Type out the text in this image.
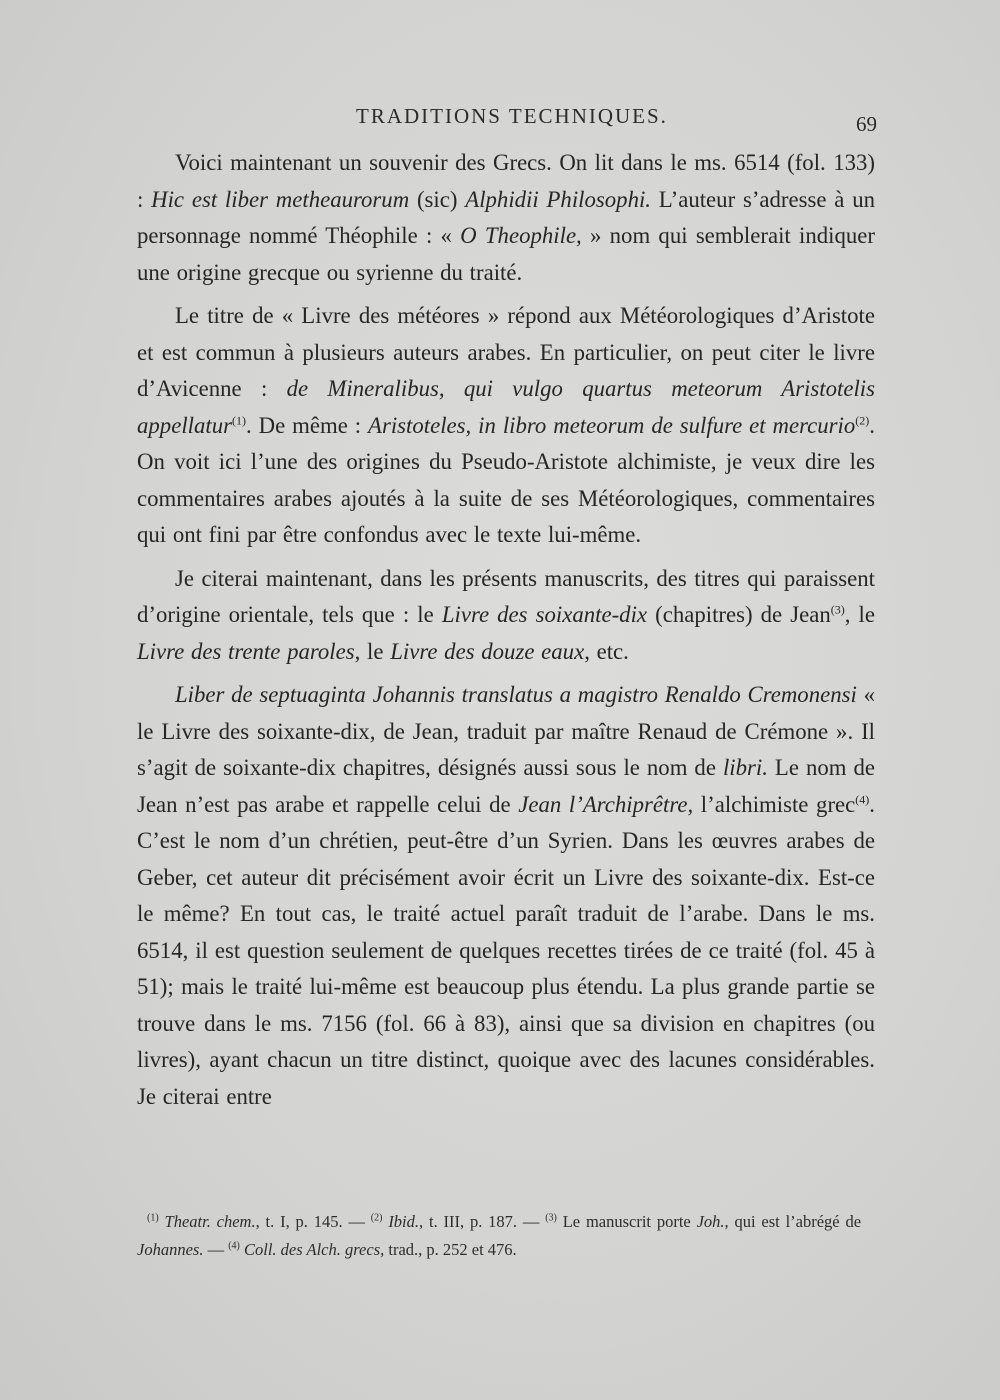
TRADITIONS TECHNIQUES.	69

Voici maintenant un souvenir des Grecs. On lit dans le ms. 6514 (fol. 133) : Hic est liber metheaurorum (sic) Alphidii Philosophi. L’auteur s’adresse à un personnage nommé Théophile : « O Theophile, » nom qui semblerait indiquer une origine grecque ou syrienne du traité.

Le titre de « Livre des météores » répond aux Météorologiques d’Aristote et est commun à plusieurs auteurs arabes. En particulier, on peut citer le livre d’Avicenne : de Mineralibus, qui vulgo quartus meteorum Aristotelis appellatur$^{(1)}$. De même : Aristoteles, in libro meteorum de sulfure et mercurio$^{(2)}$. On voit ici l’une des origines du Pseudo-Aristote alchimiste, je veux dire les commentaires arabes ajoutés à la suite de ses Météorologiques, commentaires qui ont fini par être confondus avec le texte lui-même.

Je citerai maintenant, dans les présents manuscrits, des titres qui paraissent d’origine orientale, tels que : le Livre des soixante-dix (chapitres) de Jean$^{(3)}$, le Livre des trente paroles, le Livre des douze eaux, etc.

Liber de septuaginta Johannis translatus a magistro Renaldo Cremonensi « le Livre des soixante-dix, de Jean, traduit par maître Renaud de Crémone ». Il s’agit de soixante-dix chapitres, désignés aussi sous le nom de libri. Le nom de Jean n’est pas arabe et rappelle celui de Jean l’Archiprêtre, l’alchimiste grec$^{(4)}$. C’est le nom d’un chrétien, peut-être d’un Syrien. Dans les œuvres arabes de Geber, cet auteur dit précisément avoir écrit un Livre des soixante-dix. Est-ce le même? En tout cas, le traité actuel paraît traduit de l’arabe. Dans le ms. 6514, il est question seulement de quelques recettes tirées de ce traité (fol. 45 à 51); mais le traité lui-même est beaucoup plus étendu. La plus grande partie se trouve dans le ms. 7156 (fol. 66 à 83), ainsi que sa division en chapitres (ou livres), ayant chacun un titre distinct, quoique avec des lacunes considérables. Je citerai entre

$^{(1)}$ Theatr. chem., t. I, p. 145. — $^{(2)}$ Ibid., t. III, p. 187. — $^{(3)}$ Le manuscrit porte Joh., qui est l’abrégé de Johannes. — $^{(4)}$ Coll. des Alch. grecs, trad., p. 252 et 476.
